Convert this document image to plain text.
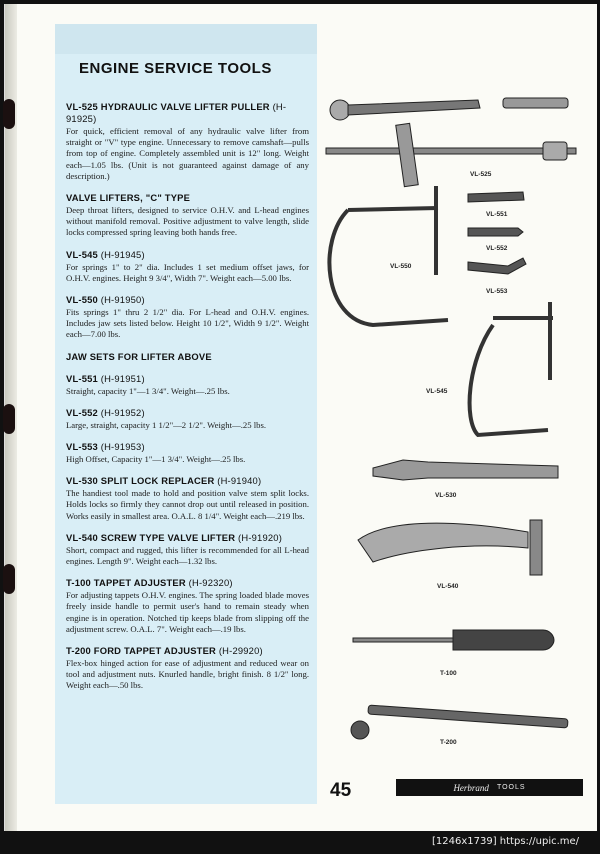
ENGINE SERVICE TOOLS
VL-525 HYDRAULIC VALVE LIFTER PULLER (H-91925)
For quick, efficient removal of any hydraulic valve lifter from straight or "V" type engine. Unnecessary to remove camshaft—pulls from top of engine. Completely assembled unit is 12" long. Weight each—1.05 lbs. (Unit is not guaranteed against damage of any description.)
VALVE LIFTERS, "C" TYPE
Deep throat lifters, designed to service O.H.V. and L-head engines without manifold removal. Positive adjustment to valve length, slide locks compressed spring leaving both hands free.
VL-545 (H-91945)
For springs 1" to 2" dia. Includes 1 set medium offset jaws, for O.H.V. engines. Height 9 3/4", Width 7". Weight each—5.00 lbs.
VL-550 (H-91950)
Fits springs 1" thru 2 1/2" dia. For L-head and O.H.V. engines. Includes jaw sets listed below. Height 10 1/2", Width 9 1/2". Weight each—7.00 lbs.
JAW SETS FOR LIFTER ABOVE
VL-551 (H-91951)
Straight, capacity 1"—1 3/4". Weight—.25 lbs.
VL-552 (H-91952)
Large, straight, capacity 1 1/2"—2 1/2". Weight—.25 lbs.
VL-553 (H-91953)
High Offset, Capacity 1"—1 3/4". Weight—.25 lbs.
VL-530 SPLIT LOCK REPLACER (H-91940)
The handiest tool made to hold and position valve stem split locks. Holds locks so firmly they cannot drop out until released in position. Works easily in smallest area. O.A.L. 8 1/4". Weight each—.219 lbs.
VL-540 SCREW TYPE VALVE LIFTER (H-91920)
Short, compact and rugged, this lifter is recommended for all L-head engines. Length 9". Weight each—1.32 lbs.
T-100 TAPPET ADJUSTER (H-92320)
For adjusting tappets O.H.V. engines. The spring loaded blade moves freely inside handle to permit user's hand to remain steady when engine is in operation. Notched tip keeps blade from slipping off the adjustment screw. O.A.L. 7". Weight each—.19 lbs.
T-200 FORD TAPPET ADJUSTER (H-29920)
Flex-box hinged action for ease of adjustment and reduced wear on tool and adjustment nuts. Knurled handle, bright finish. 8 1/2" long. Weight each—.50 lbs.
VL-525
VL-551
VL-552
VL-553
VL-550
VL-545
VL-530
VL-540
T-100
T-200
45	Herbrand TOOLS
[1246x1739] https://upic.me/
